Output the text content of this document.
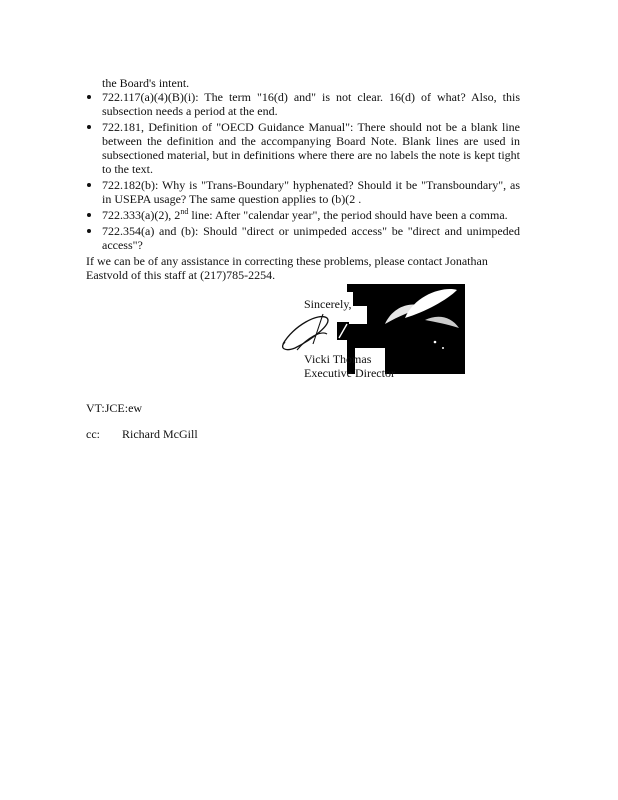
the Board's intent.
722.117(a)(4)(B)(i): The term "16(d) and" is not clear. 16(d) of what? Also, this subsection needs a period at the end.
722.181, Definition of "OECD Guidance Manual": There should not be a blank line between the definition and the accompanying Board Note. Blank lines are used in subsectioned material, but in definitions where there are no labels the note is kept tight to the text.
722.182(b): Why is "Trans-Boundary" hyphenated? Should it be "Transboundary", as in USEPA usage? The same question applies to (b)(2 .
722.333(a)(2), 2nd line: After "calendar year", the period should have been a comma.
722.354(a) and (b): Should "direct or unimpeded access" be "direct and unimpeded access"?
If we can be of any assistance in correcting these problems, please contact Jonathan Eastvold of this staff at (217)785-2254.
Sincerely,
Vicki Thomas
Executive Director
VT:JCE:ew
cc: Richard McGill
